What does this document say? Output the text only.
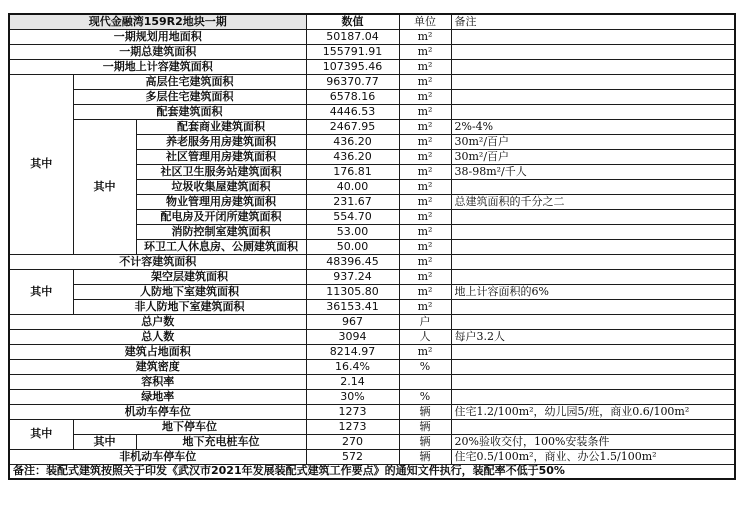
现代金融湾159R2地块一期			数值	单位	备注
一期规划用地面积			50187.04	m²	
一期总建筑面积			155791.91	m²	
一期地上计容建筑面积			107395.46	m²	
其中	高层住宅建筑面积		96370.77	m²	
	多层住宅建筑面积		6578.16	m²	
	配套建筑面积		4446.53	m²	
	其中	配套商业建筑面积	2467.95	m²	2%-4%
		养老服务用房建筑面积	436.20	m²	30m²/百户
		社区管理用房建筑面积	436.20	m²	30m²/百户
		社区卫生服务站建筑面积	176.81	m²	38-98m²/千人
		垃圾收集屋建筑面积	40.00	m²	
		物业管理用房建筑面积	231.67	m²	总建筑面积的千分之二
		配电房及开闭所建筑面积	554.70	m²	
		消防控制室建筑面积	53.00	m²	
		环卫工人休息房、公厕建筑面积	50.00	m²	
不计容建筑面积			48396.45	m²	
其中	架空层建筑面积		937.24	m²	
	人防地下室建筑面积		11305.80	m²	地上计容面积的6%
	非人防地下室建筑面积		36153.41	m²	
总户数			967	户	
总人数			3094	人	每户3.2人
建筑占地面积			8214.97	m²	
建筑密度			16.4%	%	
容积率			2.14		
绿地率			30%	%	
机动车停车位			1273	辆	住宅1.2/100m²，幼儿园5/班，商业0.6/100m²
其中	地下停车位		1273	辆	
	其中	地下充电桩车位	270	辆	20%验收交付，100%安装条件
非机动车停车位			572	辆	住宅0.5/100m²，商业、办公1.5/100m²
备注：装配式建筑按照关于印发《武汉市2021年发展装配式建筑工作要点》的通知文件执行，装配率不低于50%					
